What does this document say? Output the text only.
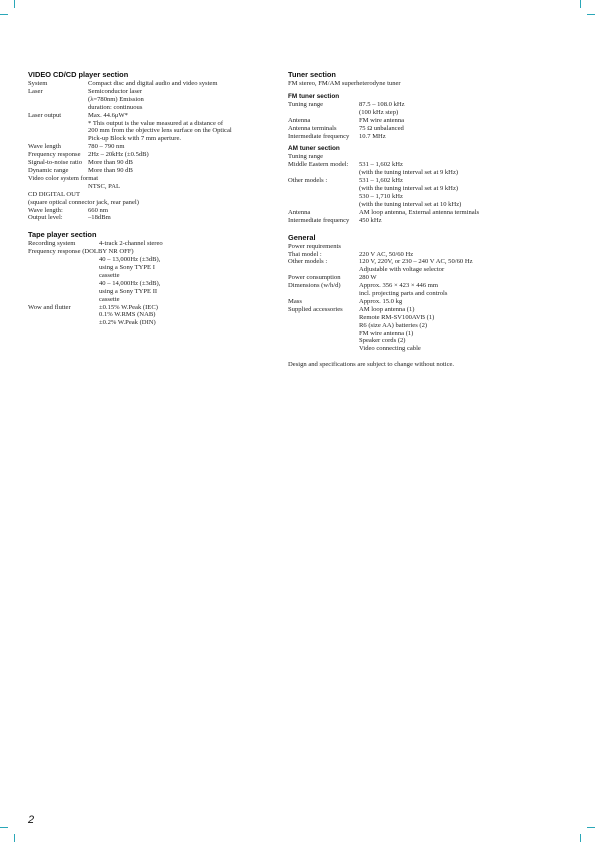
VIDEO CD/CD player section
System	Compact disc and digital audio and video system
Laser	Semiconductor laser
(λ=780nm) Emission
duration: continuous
Laser output	Max. 44.6μW*
* This output is the value measured at a distance of
200 mm from the objective lens surface on the Optical
Pick-up Block with 7 mm aperture.
Wave length	780 – 790 nm
Frequency response	2Hz – 20kHz (±0.5dB)
Signal-to-noise ratio More than 90 dB
Dynamic range	More than 90 dB
Video color system format
NTSC, PAL
CD DIGITAL OUT
(square optical connector jack, rear panel)
Wave length:	660 nm
Output level:	–18dBm
Tape player section
Recording system	4-track 2-channel stereo
Frequency response (DOLBY NR OFF)
40 – 13,000Hz (±3dB),
using a Sony TYPE I
cassette
40 – 14,000Hz (±3dB),
using a Sony TYPE II
cassette
Wow and flutter	±0.15% W.Peak (IEC)
0.1% W.RMS (NAB)
±0.2% W.Peak (DIN)
Tuner section
FM stereo, FM/AM superheterodyne tuner
FM tuner section
Tuning range	87.5 – 108.0 kHz
(100 kHz step)
Antenna	FM wire antenna
Antenna terminals	75 Ω unbalanced
Intermediate frequency	10.7 MHz
AM tuner section
Tuning range
Middle Eastern model:	531 – 1,602 kHz
(with the tuning interval set at 9 kHz)
Other models :	531 – 1,602 kHz
(with the tuning interval set at 9 kHz)
530 – 1,710 kHz
(with the tuning interval set at 10 kHz)
Antenna	AM loop antenna, External antenna terminals
Intermediate frequency	450 kHz
General
Power requirements
Thai model :	220 V AC, 50/60 Hz
Other models :	120 V, 220V, or 230 – 240 V AC, 50/60 Hz
Adjustable with voltage selector
Power consumption	280 W
Dimensions (w/h/d)	Approx. 356 × 423 × 446 mm
incl. projecting parts and controls
Mass	Approx. 15.0 kg
Supplied accessories	AM loop antenna (1)
Remote RM-SV100AVB (1)
R6 (size AA) batteries (2)
FM wire antenna (1)
Speaker cords (2)
Video connecting cable
Design and specifications are subject to change without notice.
2
